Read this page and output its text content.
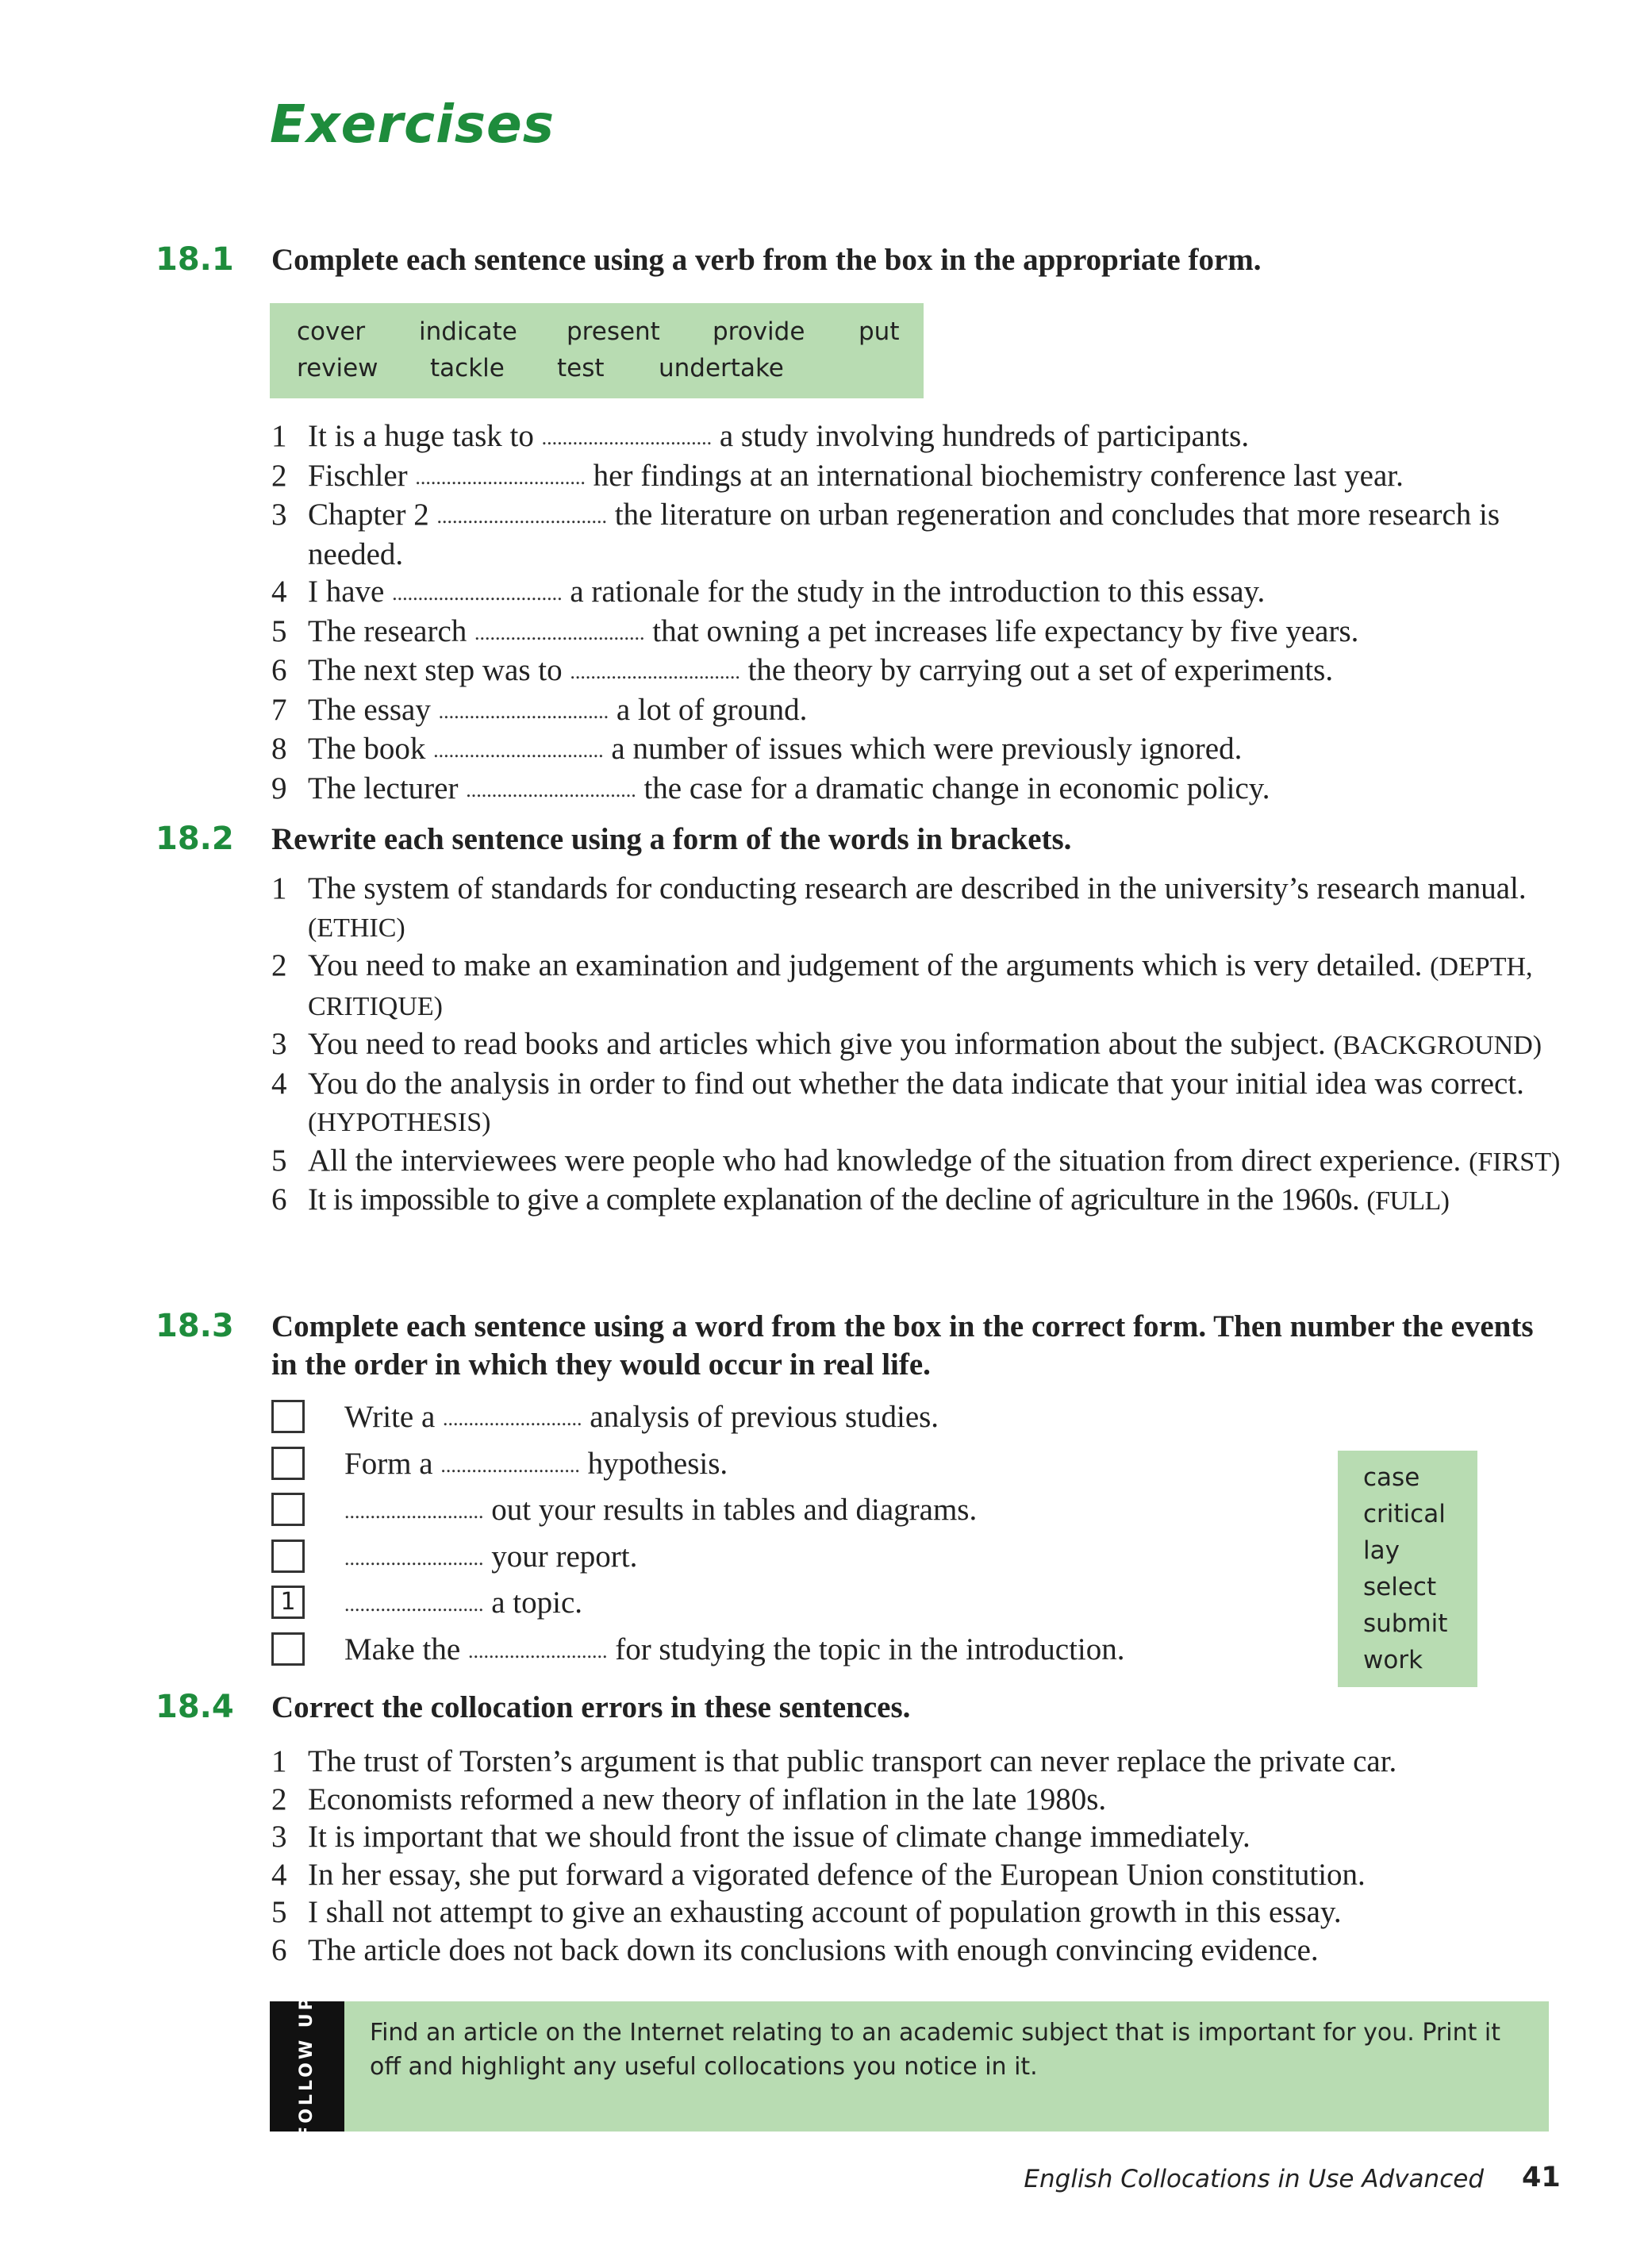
Exercises
18.1 Complete each sentence using a verb from the box in the appropriate form.
cover indicate present provide put
review tackle test undertake
1 It is a huge task to ................................. a study involving hundreds of participants.
2 Fischler ................................. her findings at an international biochemistry conference last year.
3 Chapter 2 ................................. the literature on urban regeneration and concludes that more research is needed.
4 I have ................................. a rationale for the study in the introduction to this essay.
5 The research ................................. that owning a pet increases life expectancy by five years.
6 The next step was to ................................. the theory by carrying out a set of experiments.
7 The essay ................................. a lot of ground.
8 The book ................................. a number of issues which were previously ignored.
9 The lecturer ................................. the case for a dramatic change in economic policy.
18.2 Rewrite each sentence using a form of the words in brackets.
1 The system of standards for conducting research are described in the university’s research manual. (ETHIC)
2 You need to make an examination and judgement of the arguments which is very detailed. (DEPTH, CRITIQUE)
3 You need to read books and articles which give you information about the subject. (BACKGROUND)
4 You do the analysis in order to find out whether the data indicate that your initial idea was correct. (HYPOTHESIS)
5 All the interviewees were people who had knowledge of the situation from direct experience. (FIRST)
6 It is impossible to give a complete explanation of the decline of agriculture in the 1960s. (FULL)
18.3 Complete each sentence using a word from the box in the correct form. Then number the events in the order in which they would occur in real life.
Write a ........................... analysis of previous studies.
Form a ........................... hypothesis.
........................... out your results in tables and diagrams.
........................... your report.
1	........................... a topic.
Make the ........................... for studying the topic in the introduction.
case
critical
lay
select
submit
work
18.4 Correct the collocation errors in these sentences.
1 The trust of Torsten’s argument is that public transport can never replace the private car.
2 Economists reformed a new theory of inflation in the late 1980s.
3 It is important that we should front the issue of climate change immediately.
4 In her essay, she put forward a vigorated defence of the European Union constitution.
5 I shall not attempt to give an exhausting account of population growth in this essay.
6 The article does not back down its conclusions with enough convincing evidence.
FOLLOW UP Find an article on the Internet relating to an academic subject that is important for you. Print it off and highlight any useful collocations you notice in it.
English Collocations in Use Advanced 41
